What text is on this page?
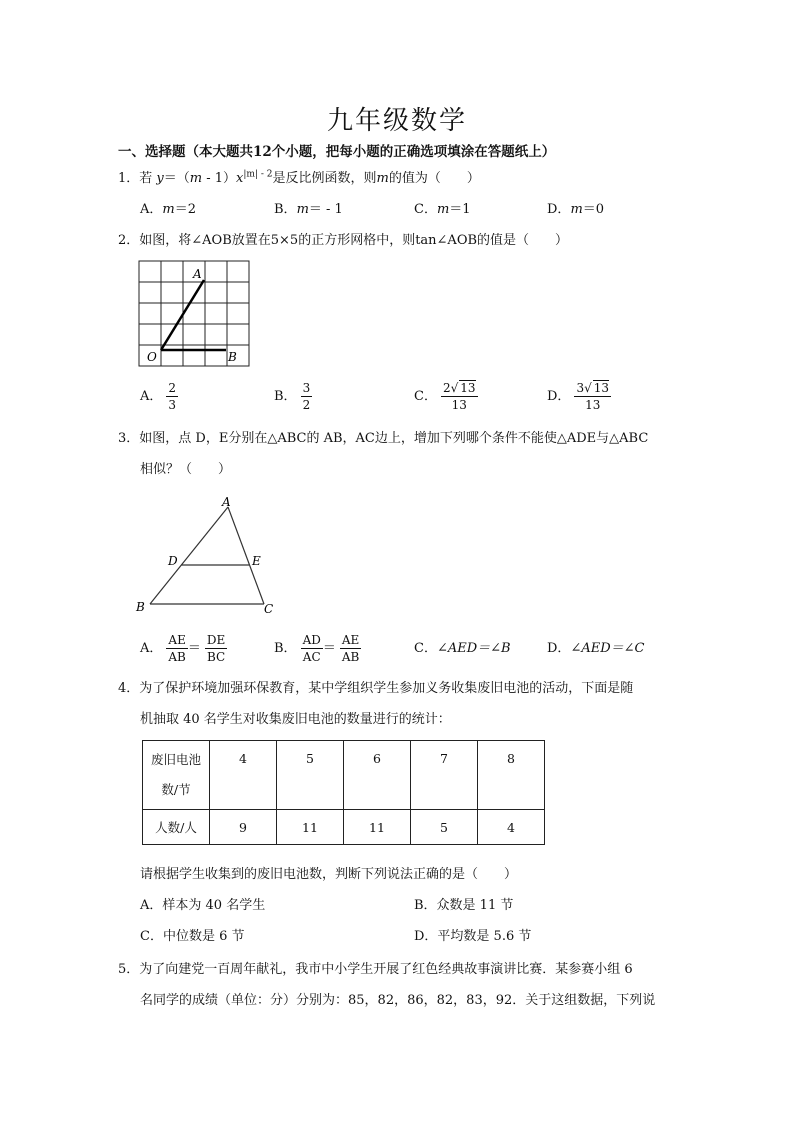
九年级数学
一、选择题（本大题共12个小题，把每小题的正确选项填涂在答题纸上）
1．若 $y=(m - 1)x^{|m| - 2}$是反比例函数，则m的值为（　　）
A．m＝2	B．m＝ - 1	C．m＝1	D．m＝0
2．如图，将∠AOB放置在5×5的正方形网格中，则tan∠AOB的值是（　　）
A
O	B
A． $\frac{2}{3}$	B． $\frac{3}{2}$	C． $\frac{2√ 13}{13}$	D． $\frac{3√ 13}{13}$
3．如图，点 D，E分别在△ABC的 AB，AC边上，增加下列哪个条件不能使△ADE与△ABC
相似？（　　）
A
B	C
D	E
A． $\frac{AE}{AB} = \frac{DE}{BC}$	B． $\frac{AD}{AC} = \frac{AE}{AB}$	C．∠AED＝∠B	D．∠AED＝∠C
4．为了保护环境加强环保教育，某中学组织学生参加义务收集废旧电池的活动，下面是随
机抽取 40 名学生对收集废旧电池的数量进行的统计：
废旧电池
数/节	4	5	6	7	8
人数/人	9	11	11	5	4
请根据学生收集到的废旧电池数，判断下列说法正确的是（　　）
A．样本为 40 名学生	B．众数是 11 节
C．中位数是 6 节	D．平均数是 5.6 节
5．为了向建党一百周年献礼，我市中小学生开展了红色经典故事演讲比赛．某参赛小组 6
名同学的成绩（单位：分）分别为：85，82，86，82，83，92．关于这组数据，下列说
